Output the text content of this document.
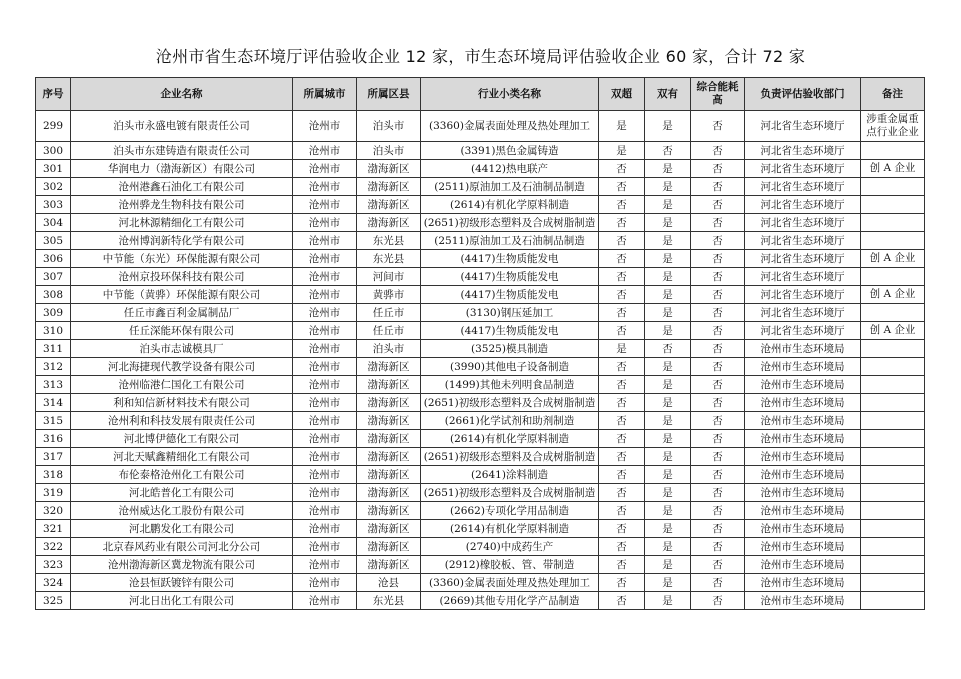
沧州市省生态环境厅评估验收企业 12 家，市生态环境局评估验收企业 60 家，合计 72 家
序号	企业名称	所属城市	所属区县	行业小类名称	双超	双有	综合能耗高	负责评估验收部门	备注
299	泊头市永盛电镀有限责任公司	沧州市	泊头市	(3360)金属表面处理及热处理加工	是	是	否	河北省生态环境厅	涉重金属重点行业企业
300	泊头市东建铸造有限责任公司	沧州市	泊头市	(3391)黑色金属铸造	是	否	否	河北省生态环境厅	
301	华润电力（渤海新区）有限公司	沧州市	渤海新区	(4412)热电联产	否	是	否	河北省生态环境厅	创 A 企业
302	沧州港鑫石油化工有限公司	沧州市	渤海新区	(2511)原油加工及石油制品制造	否	是	否	河北省生态环境厅	
303	沧州骅龙生物科技有限公司	沧州市	渤海新区	(2614)有机化学原料制造	否	是	否	河北省生态环境厅	
304	河北林源精细化工有限公司	沧州市	渤海新区	(2651)初级形态塑料及合成树脂制造	否	是	否	河北省生态环境厅	
305	沧州博润新特化学有限公司	沧州市	东光县	(2511)原油加工及石油制品制造	否	是	否	河北省生态环境厅	
306	中节能（东光）环保能源有限公司	沧州市	东光县	(4417)生物质能发电	否	是	否	河北省生态环境厅	创 A 企业
307	沧州京投环保科技有限公司	沧州市	河间市	(4417)生物质能发电	否	是	否	河北省生态环境厅	
308	中节能（黄骅）环保能源有限公司	沧州市	黄骅市	(4417)生物质能发电	否	是	否	河北省生态环境厅	创 A 企业
309	任丘市鑫百利金属制品厂	沧州市	任丘市	(3130)钢压延加工	否	是	否	河北省生态环境厅	
310	任丘深能环保有限公司	沧州市	任丘市	(4417)生物质能发电	否	是	否	河北省生态环境厅	创 A 企业
311	泊头市志诚模具厂	沧州市	泊头市	(3525)模具制造	是	否	否	沧州市生态环境局	
312	河北海捷现代教学设备有限公司	沧州市	渤海新区	(3990)其他电子设备制造	否	是	否	沧州市生态环境局	
313	沧州临港仁国化工有限公司	沧州市	渤海新区	(1499)其他未列明食品制造	否	是	否	沧州市生态环境局	
314	利和知信新材料技术有限公司	沧州市	渤海新区	(2651)初级形态塑料及合成树脂制造	否	是	否	沧州市生态环境局	
315	沧州利和科技发展有限责任公司	沧州市	渤海新区	(2661)化学试剂和助剂制造	否	是	否	沧州市生态环境局	
316	河北博伊德化工有限公司	沧州市	渤海新区	(2614)有机化学原料制造	否	是	否	沧州市生态环境局	
317	河北天赋鑫精细化工有限公司	沧州市	渤海新区	(2651)初级形态塑料及合成树脂制造	否	是	否	沧州市生态环境局	
318	布伦泰格沧州化工有限公司	沧州市	渤海新区	(2641)涂料制造	否	是	否	沧州市生态环境局	
319	河北皓普化工有限公司	沧州市	渤海新区	(2651)初级形态塑料及合成树脂制造	否	是	否	沧州市生态环境局	
320	沧州威达化工股份有限公司	沧州市	渤海新区	(2662)专项化学用品制造	否	是	否	沧州市生态环境局	
321	河北鹏发化工有限公司	沧州市	渤海新区	(2614)有机化学原料制造	否	是	否	沧州市生态环境局	
322	北京春风药业有限公司河北分公司	沧州市	渤海新区	(2740)中成药生产	否	是	否	沧州市生态环境局	
323	沧州渤海新区冀龙物流有限公司	沧州市	渤海新区	(2912)橡胶板、管、带制造	否	是	否	沧州市生态环境局	
324	沧县恒跃镀锌有限公司	沧州市	沧县	(3360)金属表面处理及热处理加工	否	是	否	沧州市生态环境局	
325	河北日出化工有限公司	沧州市	东光县	(2669)其他专用化学产品制造	否	是	否	沧州市生态环境局	
